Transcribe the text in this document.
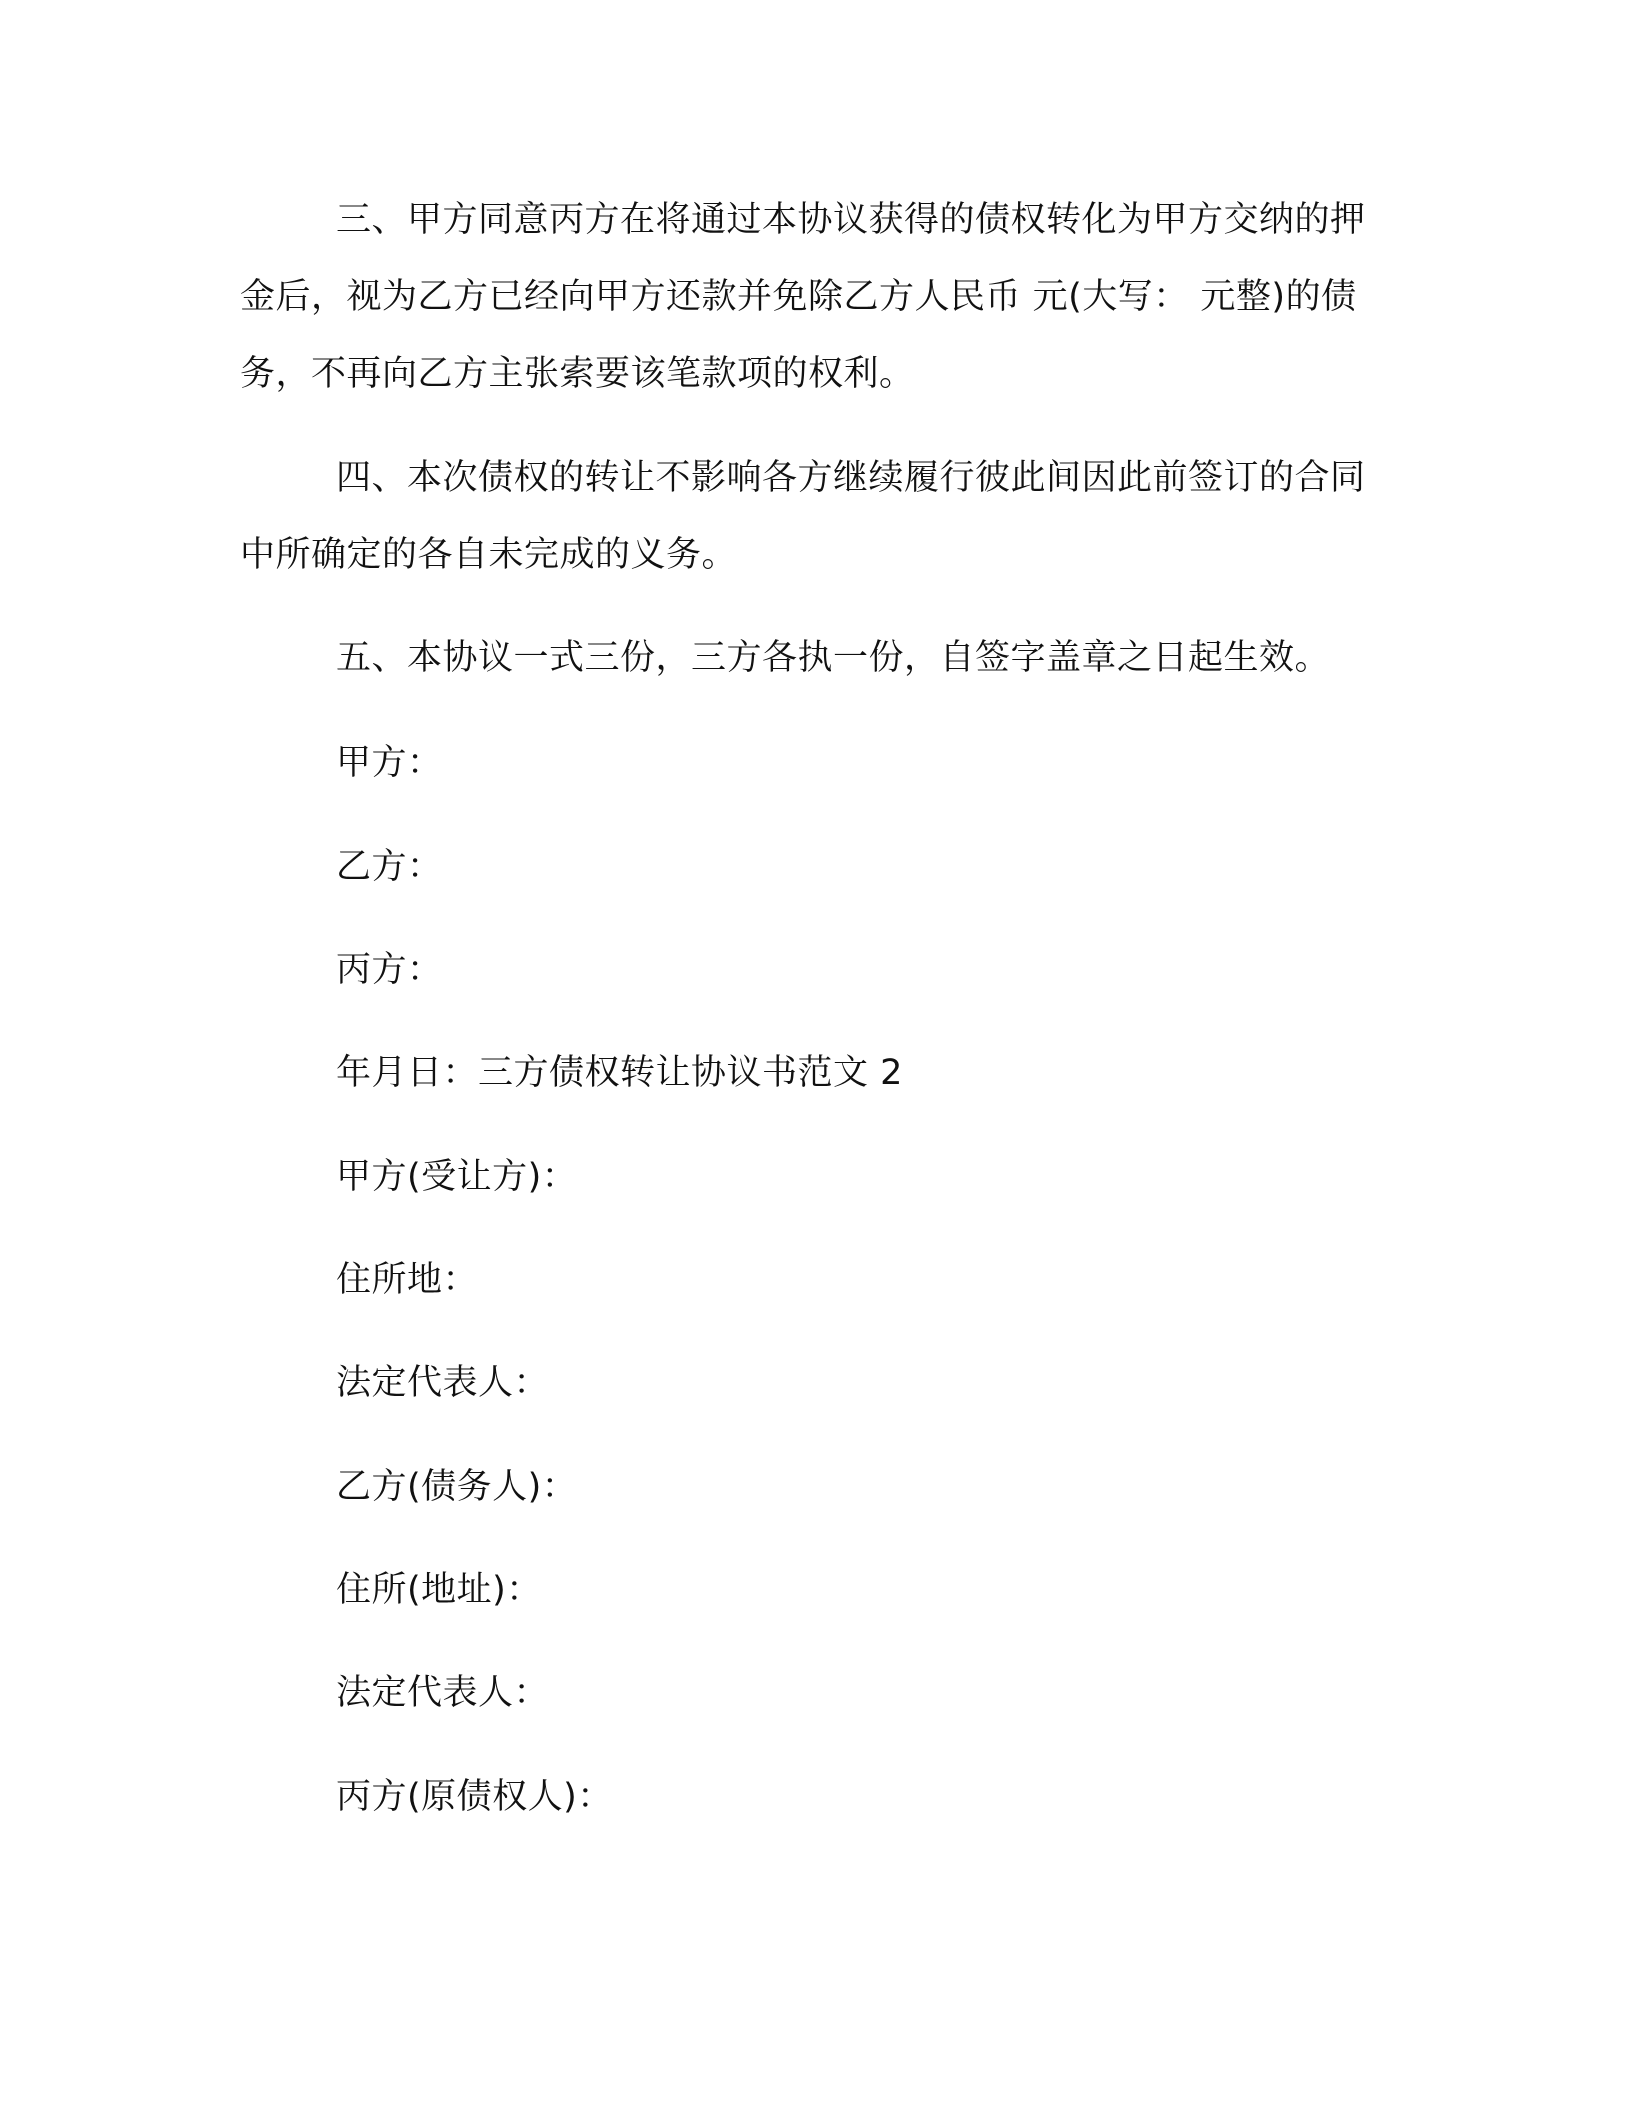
三、甲方同意丙方在将通过本协议获得的债权转化为甲方交纳的押金后，视为乙方已经向甲方还款并免除乙方人民币 元(大写： 元整)的债务，不再向乙方主张索要该笔款项的权利。

四、本次债权的转让不影响各方继续履行彼此间因此前签订的合同中所确定的各自未完成的义务。

五、本协议一式三份，三方各执一份，自签字盖章之日起生效。

甲方：

乙方：

丙方：

年月日：三方债权转让协议书范文 2

甲方(受让方)：

住所地：

法定代表人：

乙方(债务人)：

住所(地址)：

法定代表人：

丙方(原债权人)：
